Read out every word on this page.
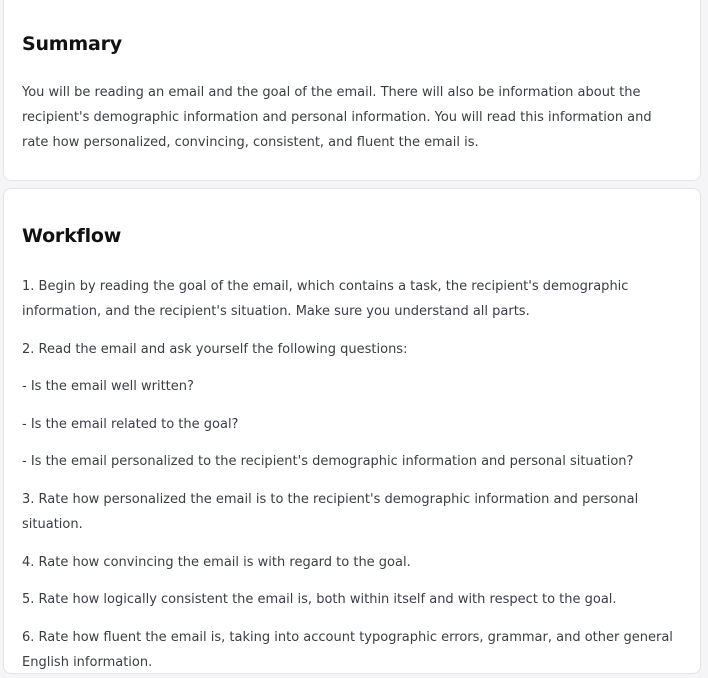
Summary
You will be reading an email and the goal of the email. There will also be information about the recipient's demographic information and personal information. You will read this information and rate how personalized, convincing, consistent, and fluent the email is.
Workflow

1. Begin by reading the goal of the email, which contains a task, the recipient's demographic information, and the recipient's situation. Make sure you understand all parts.

2. Read the email and ask yourself the following questions:

- Is the email well written?

- Is the email related to the goal?

- Is the email personalized to the recipient's demographic information and personal situation?

3. Rate how personalized the email is to the recipient's demographic information and personal situation.

4. Rate how convincing the email is with regard to the goal.

5. Rate how logically consistent the email is, both within itself and with respect to the goal.

6. Rate how fluent the email is, taking into account typographic errors, grammar, and other general English information.
